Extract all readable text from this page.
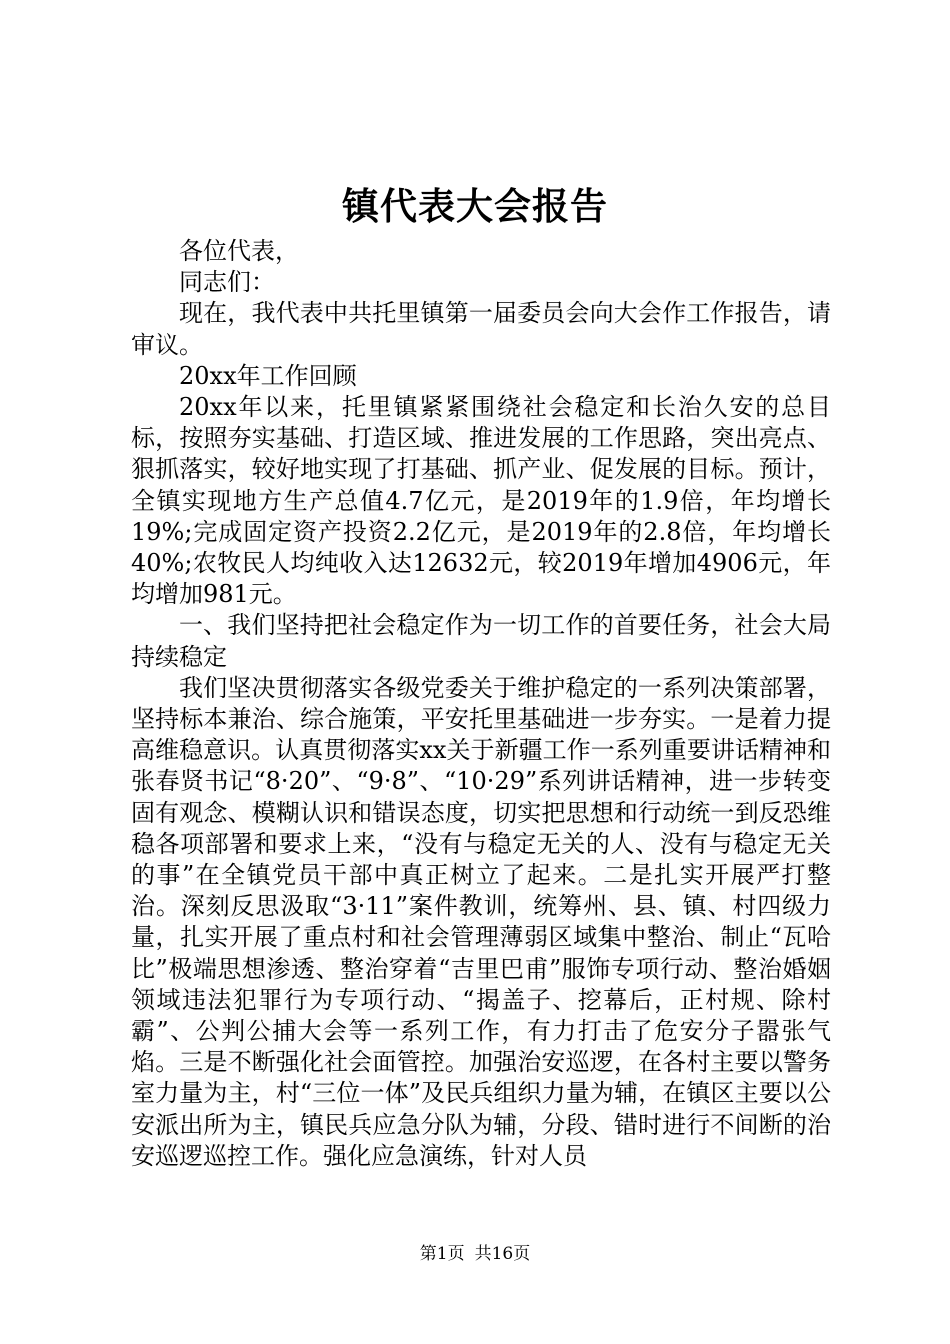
镇代表大会报告

各位代表，

同志们：

现在，我代表中共托里镇第一届委员会向大会作工作报告，请审议。

20xx年工作回顾

20xx年以来，托里镇紧紧围绕社会稳定和长治久安的总目标，按照夯实基础、打造区域、推进发展的工作思路，突出亮点、狠抓落实，较好地实现了打基础、抓产业、促发展的目标。预计，全镇实现地方生产总值4.7亿元，是2019年的1.9倍，年均增长19%;完成固定资产投资2.2亿元，是2019年的2.8倍，年均增长40%;农牧民人均纯收入达12632元，较2019年增加4906元，年均增加981元。

一、我们坚持把社会稳定作为一切工作的首要任务，社会大局持续稳定

我们坚决贯彻落实各级党委关于维护稳定的一系列决策部署，坚持标本兼治、综合施策，平安托里基础进一步夯实。一是着力提高维稳意识。认真贯彻落实xx关于新疆工作一系列重要讲话精神和张春贤书记“8·20”、“9·8”、“10·29”系列讲话精神，进一步转变固有观念、模糊认识和错误态度，切实把思想和行动统一到反恐维稳各项部署和要求上来，“没有与稳定无关的人、没有与稳定无关的事”在全镇党员干部中真正树立了起来。二是扎实开展严打整治。深刻反思汲取“3·11”案件教训，统筹州、县、镇、村四级力量，扎实开展了重点村和社会管理薄弱区域集中整治、制止“瓦哈比”极端思想渗透、整治穿着“吉里巴甫”服饰专项行动、整治婚姻领域违法犯罪行为专项行动、“揭盖子、挖幕后，正村规、除村霸”、公判公捕大会等一系列工作，有力打击了危安分子嚣张气焰。三是不断强化社会面管控。加强治安巡逻，在各村主要以警务室力量为主，村“三位一体”及民兵组织力量为辅，在镇区主要以公安派出所为主，镇民兵应急分队为辅，分段、错时进行不间断的治安巡逻巡控工作。强化应急演练，针对人员

第1页 共16页
